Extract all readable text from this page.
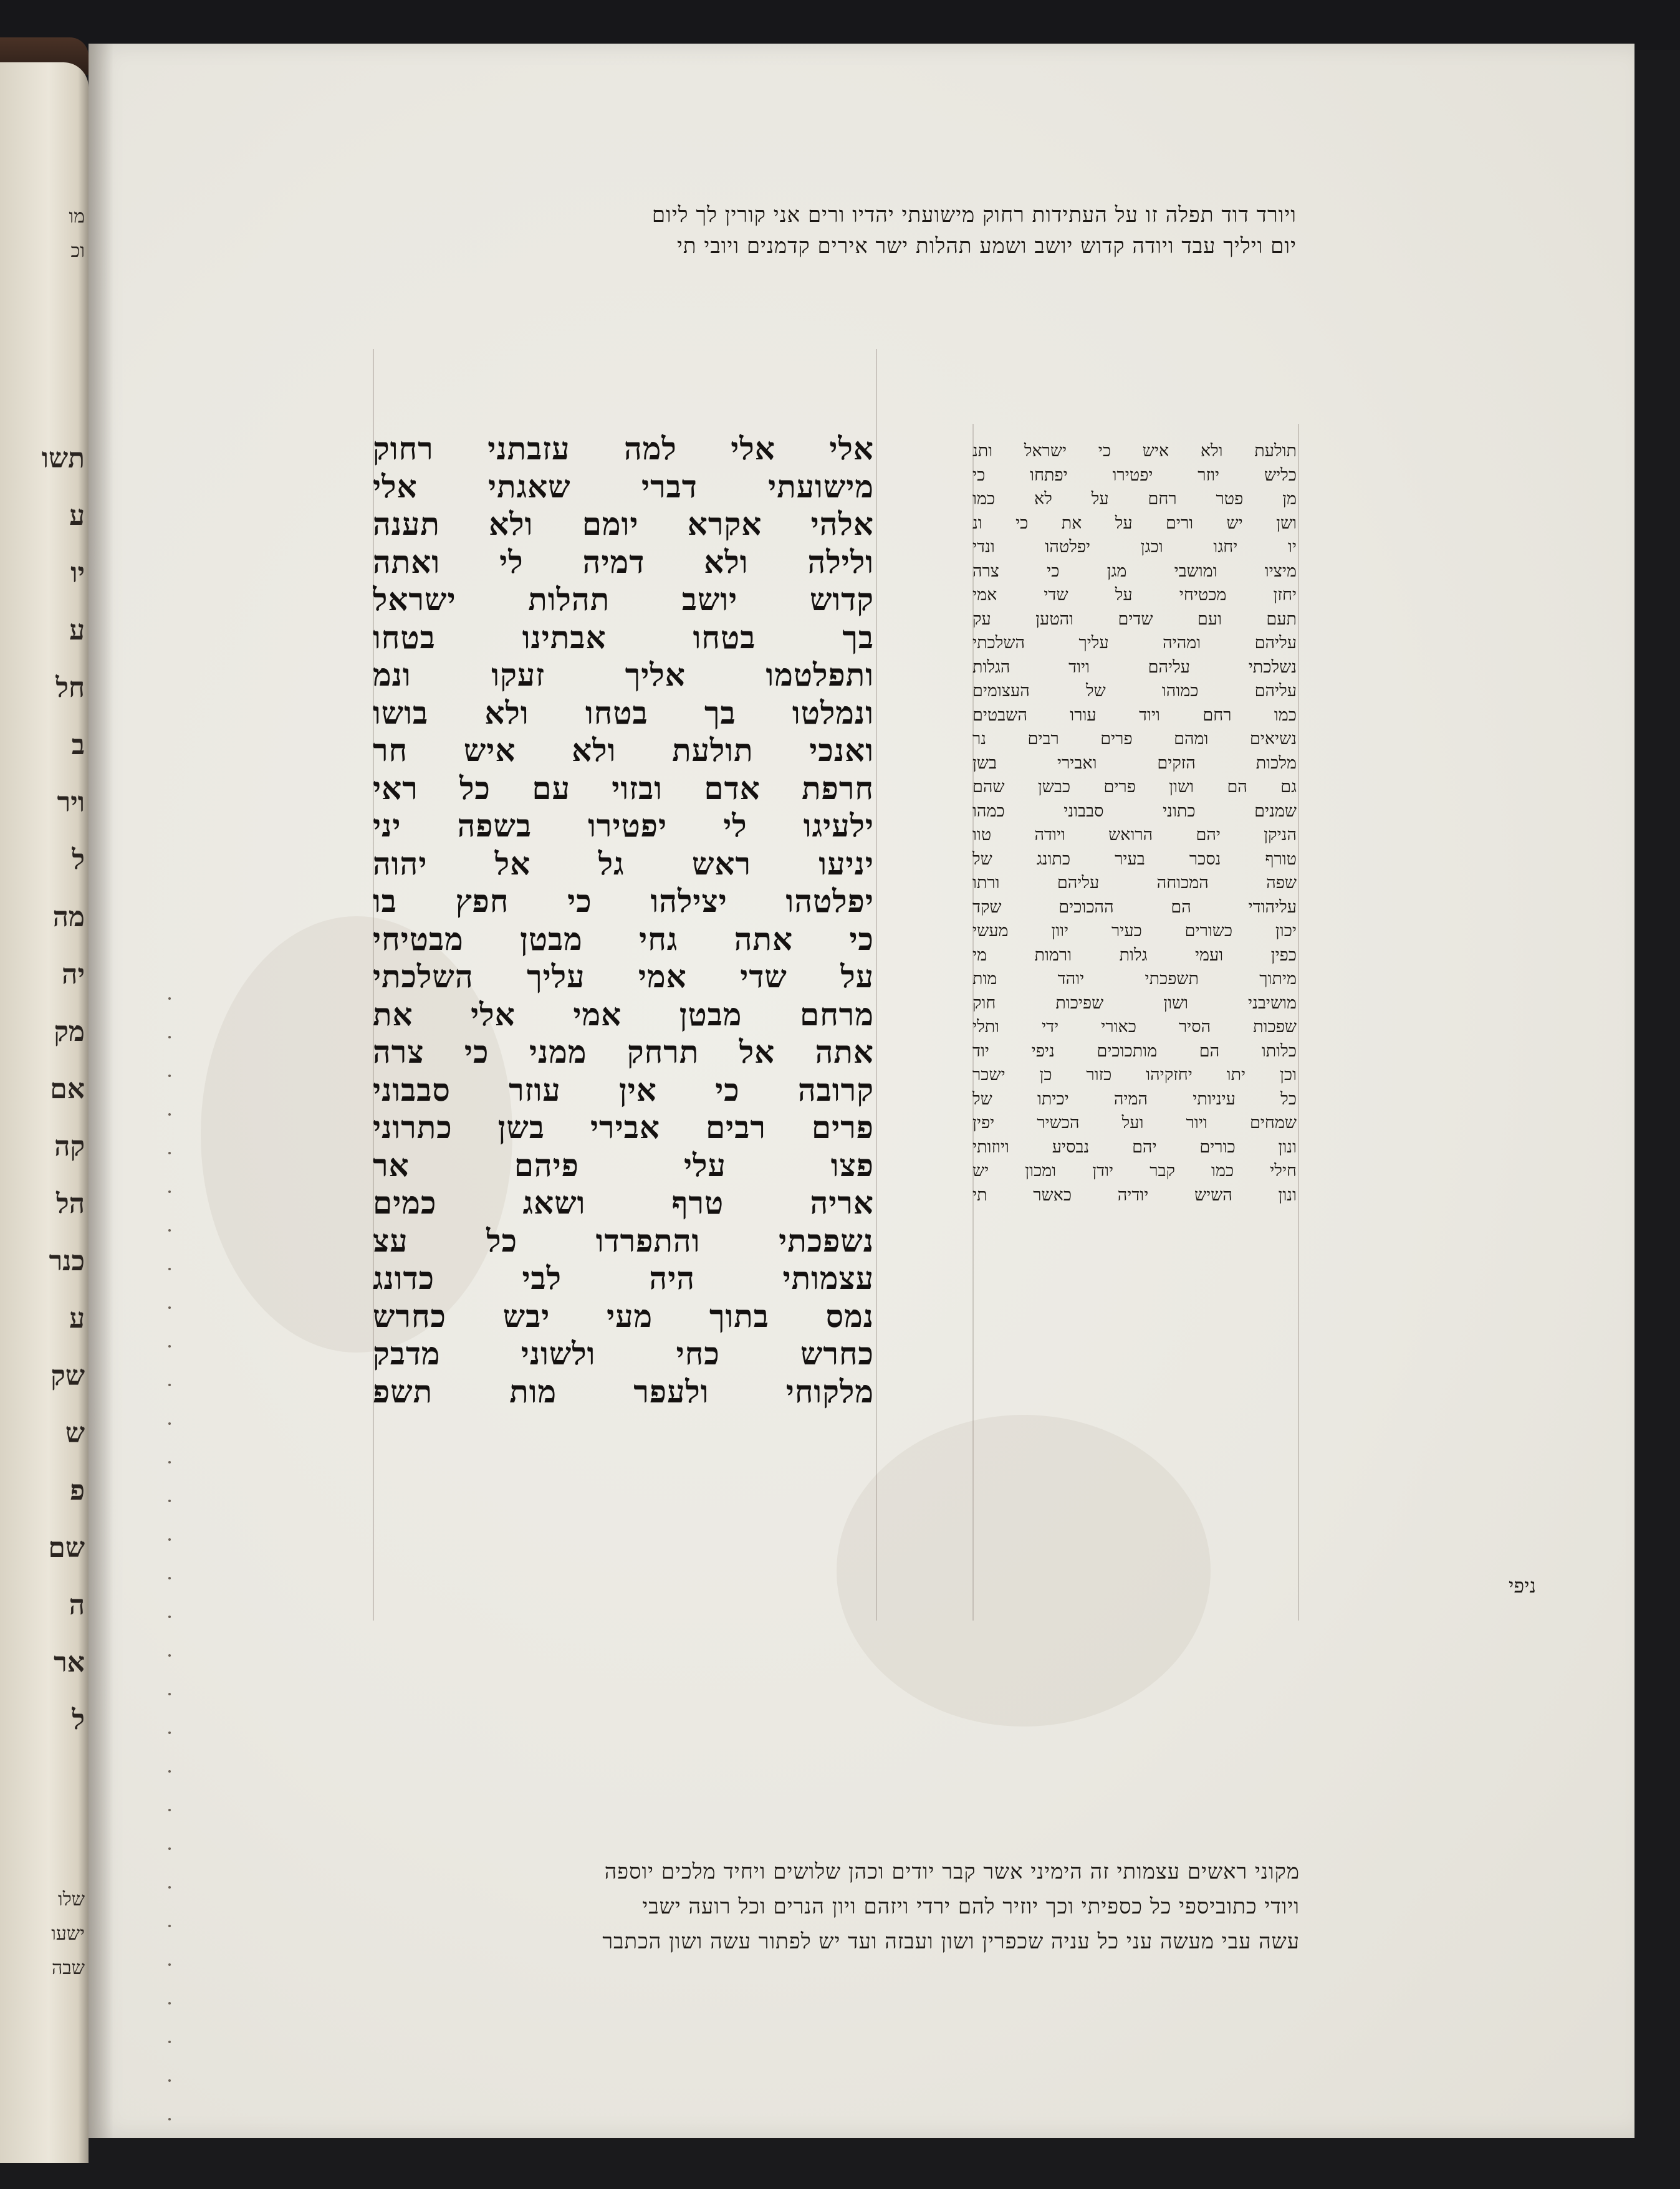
מו
וכ
תשו
ע
יו
ע
חל
ב
ויר
ל
מה
יה
מק
אם
קה
הל
כנר
ע
שק
ש
פ
שם
ה
אר
ל
שלו
ישעו
שבה
ויורד דוד תפלה זו על העתידות רחוק מישועתי יהדיו ורים אני קורין לך ליום
יום ויליך עבד ויודה קדוש יושב ושמע תהלות ישר אירים קדמנים ויובי תי
אלי אלי למה עזבתני רחוק
מישועתי דברי שאגתי אלי
אלהי אקרא יומם ולא תענה
ולילה ולא דמיה לי ואתה
קדוש יושב תהלות ישראל
בך בטחו אבתינו בטחו
ותפלטמו אליך זעקו ונמ
ונמלטו בך בטחו ולא בושו
ואנכי תולעת ולא איש חר
חרפת אדם ובזוי עם כל ראי
ילעיגו לי יפטירו בשפה יני
יניעו ראש גל אל יהוה
יפלטהו יצילהו כי חפץ בו
כי אתה גחי מבטן מבטיחי
על שדי אמי עליך השלכתי
מרחם מבטן אמי אלי את
אתה אל תרחק ממני כי צרה
קרובה כי אין עוזר סבבוני
פרים רבים אבירי בשן כתרוני
פצו עלי פיהם אר
אריה טרף ושאג כמים
נשפכתי והתפרדו כל עצ
עצמותי היה לבי כדונג
נמס בתוך מעי יבש כחרש
כחרש כחי ולשוני מדבק
מלקוחי ולעפר מות תשפ
תולעת ולא איש כי ישראל ותנ
כליש יוזר יפטירו יפתחו כי
מן פטר רחם על לא כמו
ושן יש ורים על את כי ונ
יו יחגו וכגן יפלטהו ונדי
מיציו ומושבי מגן כי צרה
יחזן מכטיחי על שדי אמי
תעם ועם שדים והטען עק
עליהם ומהיה עליך השלכתי
נשלכתי עליהם ויוד הגלות
עליהם כמוהו של העצומים
כמו רחם ויוד עורו השבטים
נשיאים ומהם פרים רבים נר
מלכות הזקים ואבירי בשן
גם הם ושון פרים כבשן שהם
שמנים כתוני סבבוני כמהו
הניקן יהם הרואש ויודה טוו
טורף נסכר בעיר כתונג של
שפה המכוחה עליהם ורתו
עליהודי הם ההכוכים שקד
יכון כשורים כעיר יוון מעשי
כפין ועמי גלות ורמות מי
מיתוך תשפכתי יוהד מות
מושיבני ושון שפיכות חוק
שפכות הסיר כאורי ידי ותלי
כלותו הם מותכוכים ניפי יוד
וכן יתו יחזקיהו כזור כן ישכר
כל עיניותי המיה יכיתו של
שמחים ויור ועל הכשיר יפין
ונון כורים יהם נבסיע ויוזותי
חילי כמו קבר יודן ומכון יש
ונון השיש יודיה כאשר תי
ניפי
מקוני ראשים עצמותי זה הימיני אשר קבר יודים וכהן שלושים ויחיד מלכים יוספה
ויודי כתוביספי כל כספיתי וכך יוזיר להם ירדי ויזהם ויון הנרים וכל רועה ישבי
עשה עבי מעשה עני כל עניה שכפרין ושון ועבזה ועד יש לפתור עשה ושון הכתבר
